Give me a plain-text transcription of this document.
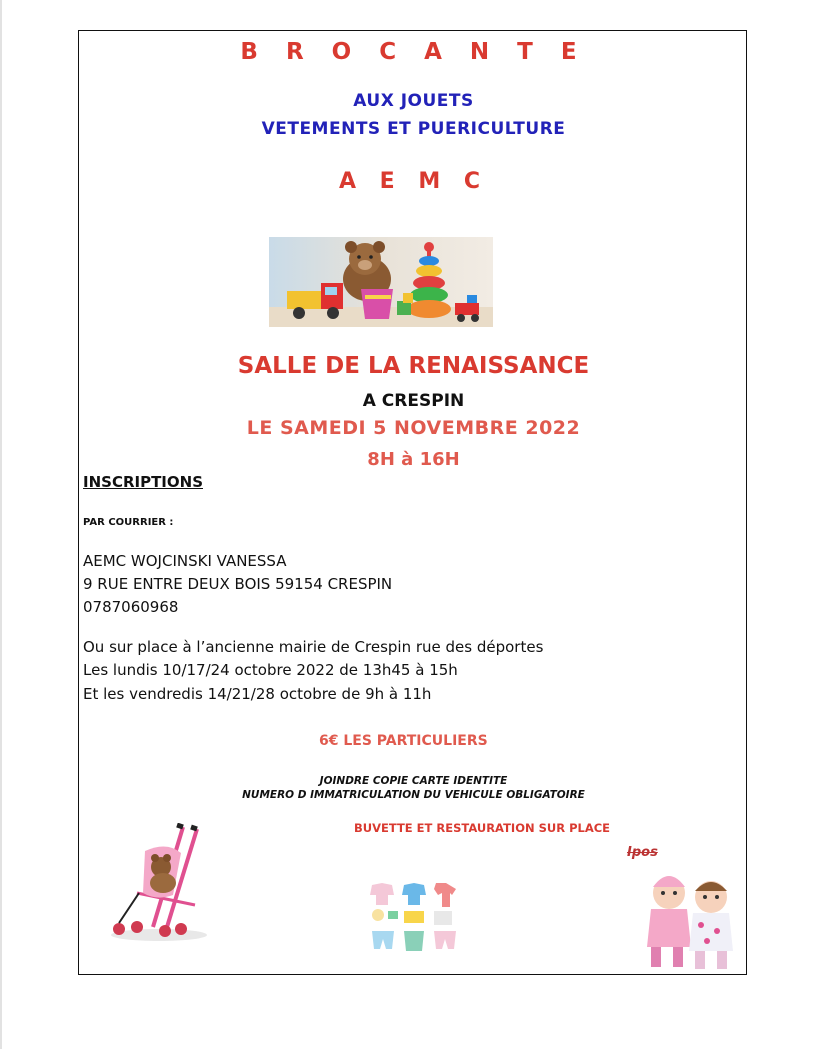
B R O C A N T E
AUX JOUETS
VETEMENTS ET PUERICULTURE
A E M C
SALLE DE LA RENAISSANCE
A CRESPIN
LE SAMEDI 5 NOVEMBRE 2022
8H à 16H
INSCRIPTIONS
PAR COURRIER :
AEMC WOJCINSKI VANESSA
9 RUE ENTRE DEUX BOIS 59154 CRESPIN
0787060968
Ou sur place à l’ancienne mairie de Crespin rue des déportes
Les lundis 10/17/24 octobre 2022 de 13h45 à 15h
Et les vendredis 14/21/28 octobre de 9h à 11h
6€ LES PARTICULIERS
JOINDRE COPIE CARTE IDENTITE
NUMERO D IMMATRICULATION DU VEHICULE OBLIGATOIRE
BUVETTE ET RESTAURATION SUR PLACE
Ipos
